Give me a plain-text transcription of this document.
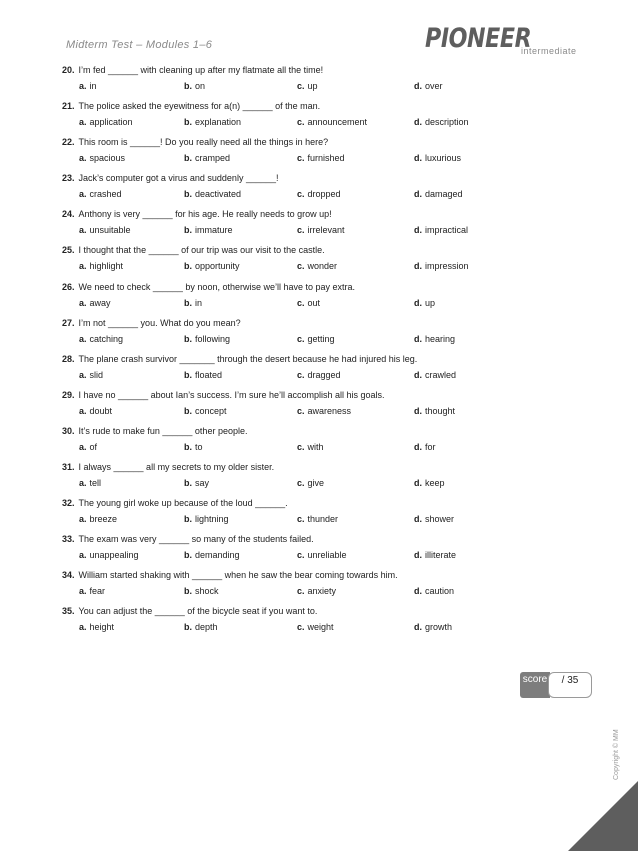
Midterm Test – Modules 1–6	PIONEER
intermediate
20. I’m fed ______ with cleaning up after my flatmate all the time!
a. in	b. on	c. up	d. over
21. The police asked the eyewitness for a(n) ______ of the man.
a. application	b. explanation	c. announcement	d. description
22. This room is ______! Do you really need all the things in here?
a. spacious	b. cramped	c. furnished	d. luxurious
23. Jack’s computer got a virus and suddenly ______!
a. crashed	b. deactivated	c. dropped	d. damaged
24. Anthony is very ______ for his age. He really needs to grow up!
a. unsuitable	b. immature	c. irrelevant	d. impractical
25. I thought that the ______ of our trip was our visit to the castle.
a. highlight	b. opportunity	c. wonder	d. impression
26. We need to check ______ by noon, otherwise we’ll have to pay extra.
a. away	b. in	c. out	d. up
27. I’m not ______ you. What do you mean?
a. catching	b. following	c. getting	d. hearing
28. The plane crash survivor _______ through the desert because he had injured his leg.
a. slid	b. floated	c. dragged	d. crawled
29. I have no ______ about Ian’s success. I’m sure he’ll accomplish all his goals.
a. doubt	b. concept	c. awareness	d. thought
30. It’s rude to make fun ______ other people.
a. of	b. to	c. with	d. for
31. I always ______ all my secrets to my older sister.
a. tell	b. say	c. give	d. keep
32. The young girl woke up because of the loud ______.
a. breeze	b. lightning	c. thunder	d. shower
33. The exam was very ______ so many of the students failed.
a. unappealing	b. demanding	c. unreliable	d. illiterate
34. William started shaking with ______ when he saw the bear coming towards him.
a. fear	b. shock	c. anxiety	d. caution
35. You can adjust the ______ of the bicycle seat if you want to.
a. height	b. depth	c. weight	d. growth
score	/ 35
Copyright © MM
